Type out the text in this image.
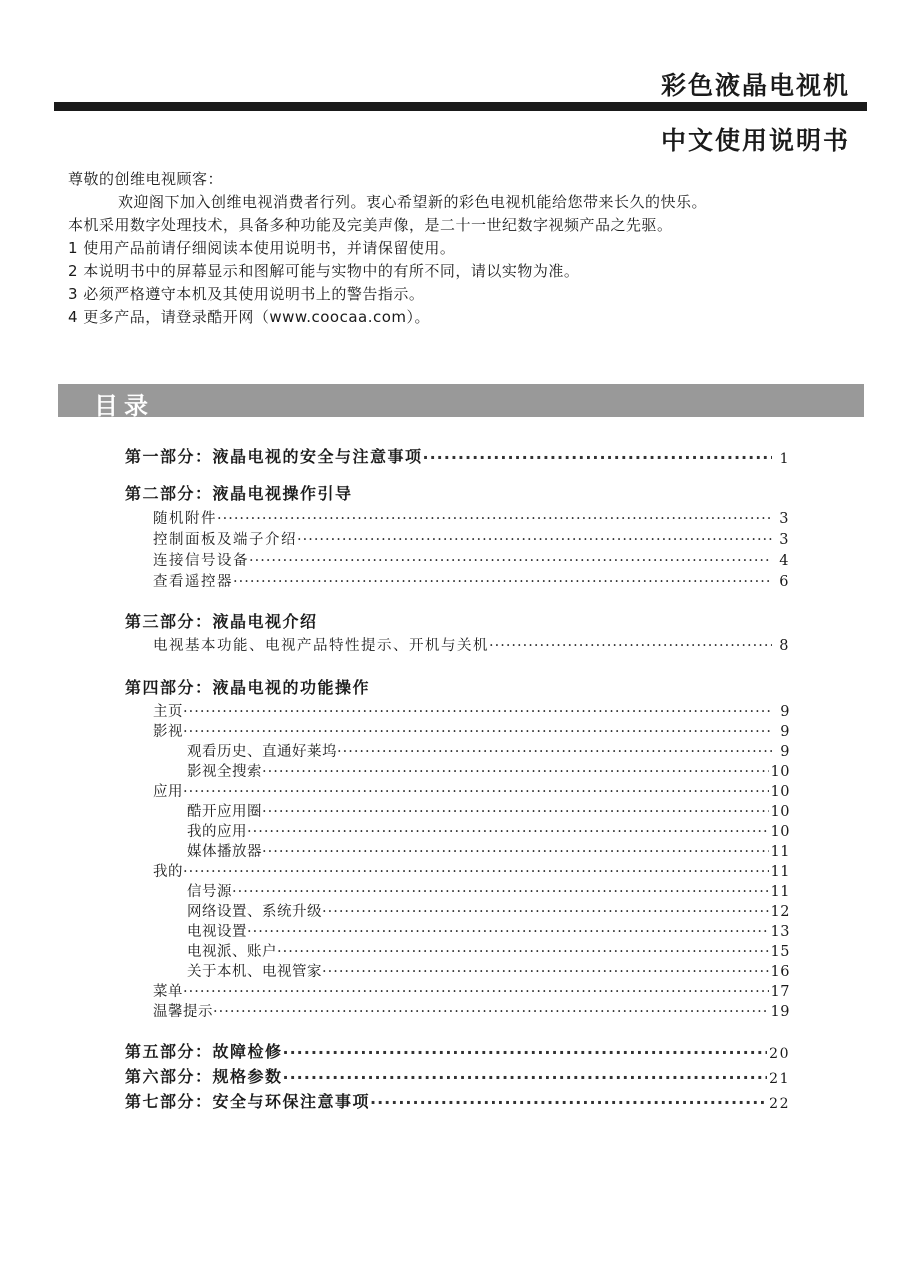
彩色液晶电视机
中文使用说明书
尊敬的创维电视顾客：
欢迎阁下加入创维电视消费者行列。衷心希望新的彩色电视机能给您带来长久的快乐。
本机采用数字处理技术，具备多种功能及完美声像，是二十一世纪数字视频产品之先驱。
1 使用产品前请仔细阅读本使用说明书，并请保留使用。
2 本说明书中的屏幕显示和图解可能与实物中的有所不同，请以实物为准。
3 必须严格遵守本机及其使用说明书上的警告指示。
4 更多产品，请登录酷开网（www.coocaa.com）。
目录
第一部分：液晶电视的安全与注意事项 ·····	1
第二部分：液晶电视操作引导
随机附件 ·····	3
控制面板及端子介绍 ·····	3
连接信号设备 ·····	4
查看遥控器 ·····	6
第三部分：液晶电视介绍
电视基本功能、电视产品特性提示、开机与关机 ·····	8
第四部分：液晶电视的功能操作
主页 ·····	9
影视 ·····	9
观看历史、直通好莱坞 ·····	9
影视全搜索 ·····	10
应用 ·····	10
酷开应用圈 ·····	10
我的应用 ·····	10
媒体播放器 ·····	11
我的 ·····	11
信号源 ·····	11
网络设置、系统升级 ·····	12
电视设置 ·····	13
电视派、账户 ·····	15
关于本机、电视管家 ·····	16
菜单 ·····	17
温馨提示 ·····	19
第五部分：故障检修 ·····	20
第六部分：规格参数 ·····	21
第七部分：安全与环保注意事项 ·····	22
